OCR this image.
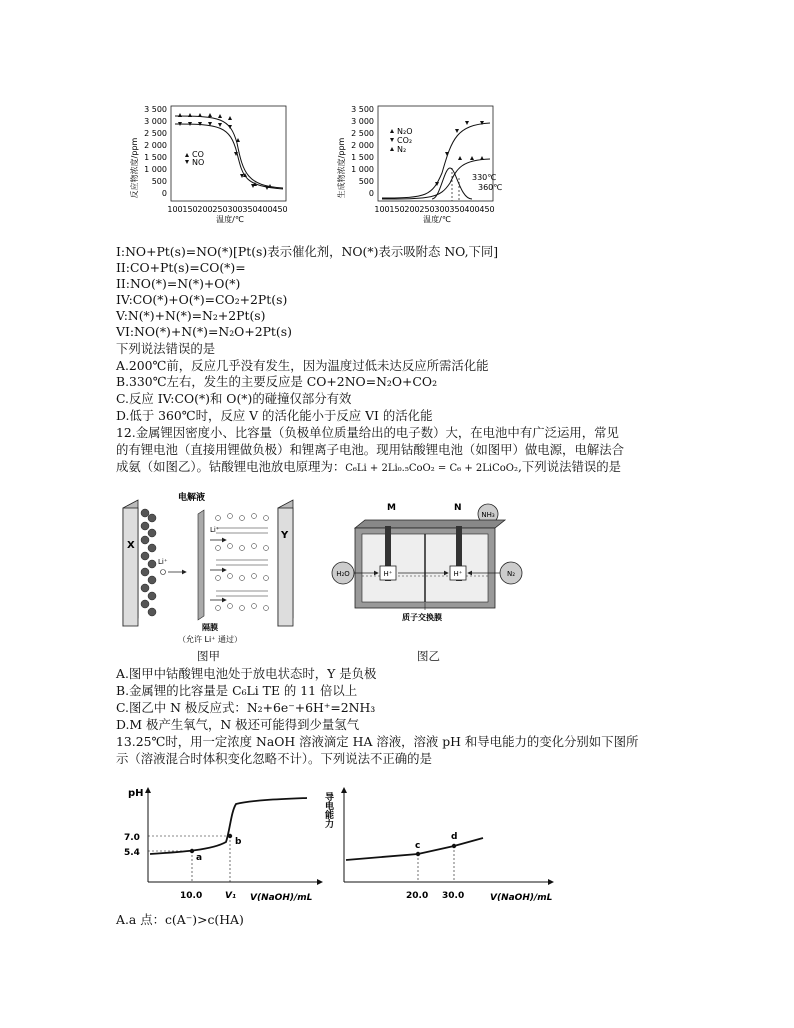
反应物浓度/ppm
3 500
3 000
2 500
2 000
1 500
1 000
500
0
100 150 200 250 300 350 400 450
温度/℃
CO
NO	生成物浓度/ppm
3 500
3 000
2 500
2 000
1 500
1 000
500
0
100 150 200 250 300 350 400 450
温度/℃
N₂O
CO₂
N₂
330℃
360℃
I:NO+Pt(s)=NO(*)[Pt(s)表示催化剂，NO(*)表示吸附态 NO,下同]
II:CO+Pt(s)=CO(*)=
II:NO(*)=N(*)+O(*)
IV:CO(*)+O(*)=CO₂+2Pt(s)
V:N(*)+N(*)=N₂+2Pt(s)
VI:NO(*)+N(*)=N₂O+2Pt(s)
下列说法错误的是
A.200℃前，反应几乎没有发生，因为温度过低未达反应所需活化能
B.330℃左右，发生的主要反应是 CO+2NO=N₂O+CO₂
C.反应 IV:CO(*)和 O(*)的碰撞仅部分有效
D.低于 360℃时，反应 V 的活化能小于反应 VI 的活化能
12.金属锂因密度小、比容量（负极单位质量给出的电子数）大，在电池中有广泛运用，常见
的有锂电池（直接用锂做负极）和锂离子电池。现用钴酸锂电池（如图甲）做电源，电解法合
成氨（如图乙）。钴酸锂电池放电原理为：C₆Li + 2Li₀.₅CoO₂ = C₆ + 2LiCoO₂,下列说法错误的是
电解液
X
Li⁺
Li⁺	Y
隔膜
（允许 Li⁺ 通过）
图甲
M	N
NH₃
H⁺	H⁺
H₂O	N₂
质子交换膜
图乙
A.图甲中钴酸锂电池处于放电状态时，Y 是负极
B.金属锂的比容量是 C₆Li TE 的 11 倍以上
C.图乙中 N 极反应式：N₂+6e⁻+6H⁺=2NH₃
D.M 极产生氧气，N 极还可能得到少量氢气
13.25℃时，用一定浓度 NaOH 溶液滴定 HA 溶液，溶液 pH 和导电能力的变化分别如下图所
示（溶液混合时体积变化忽略不计）。下列说法不正确的是
pH
a
b
7.0
5.4
10.0	V₁ V(NaOH)/mL
导电能力
c
d
20.0 30.0	V(NaOH)/mL
A.a 点：c(A⁻)>c(HA)
